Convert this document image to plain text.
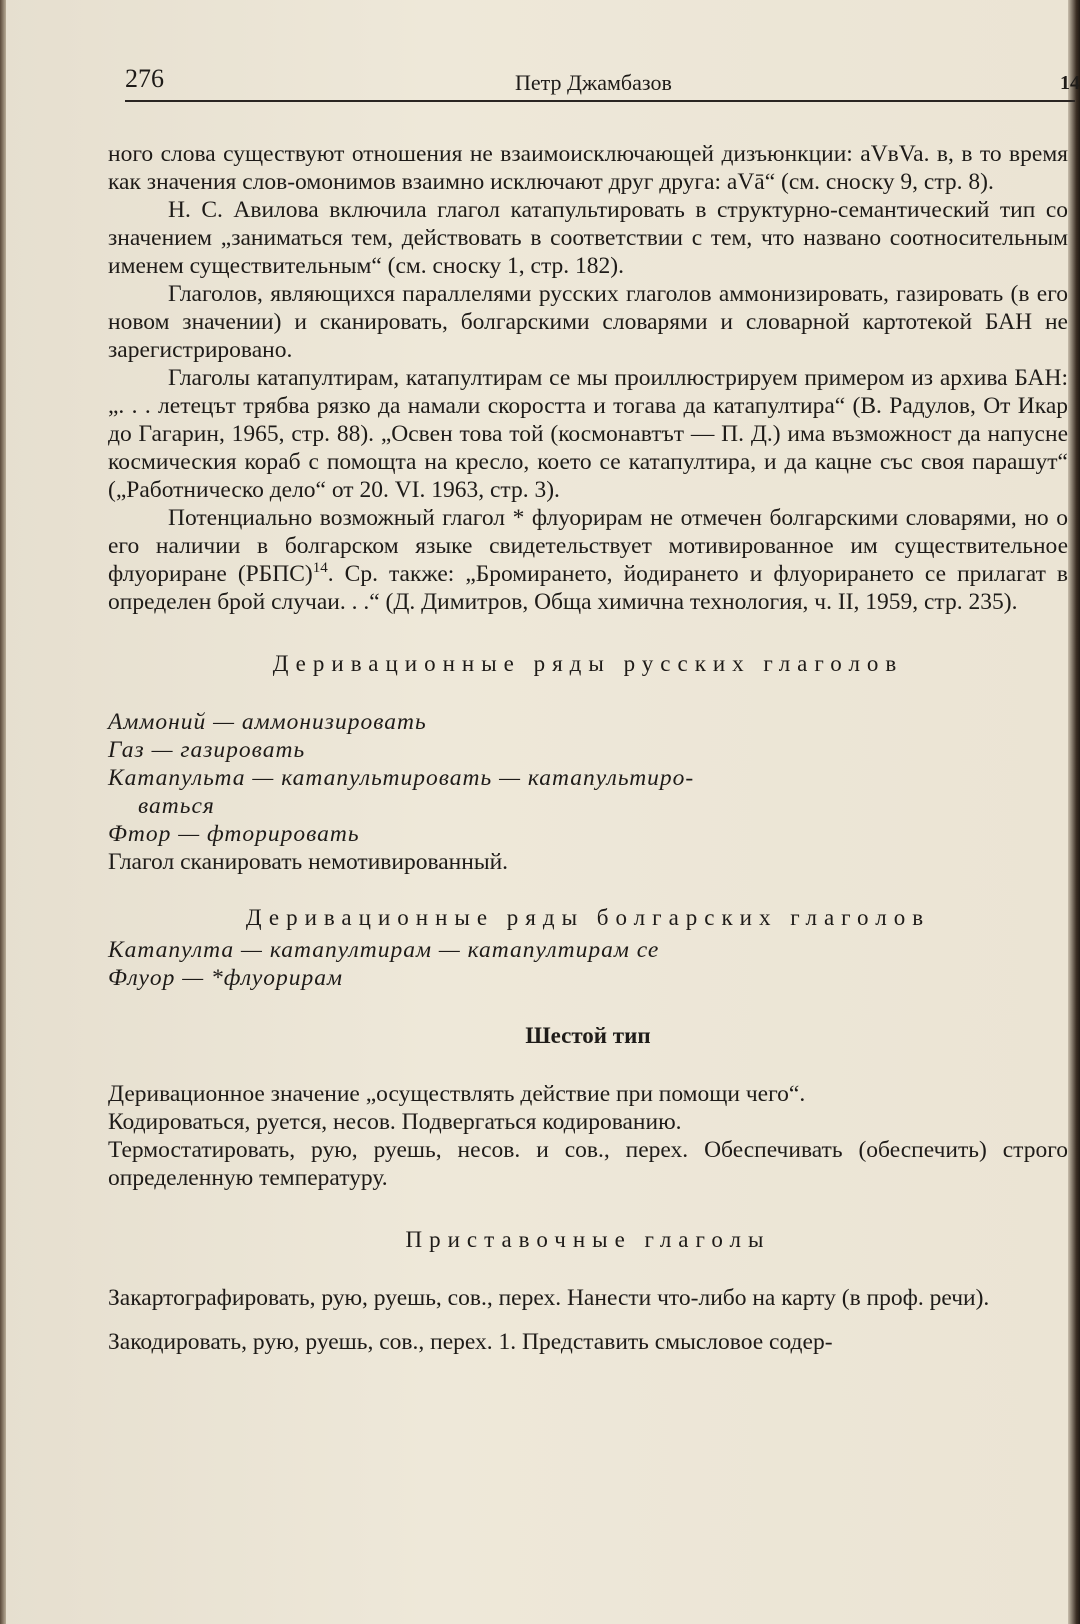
276	Петр Джамбазов	14

ного слова существуют отношения не взаимоисключающей дизъюнкции: aVвVa. в, в то время как значения слов-омонимов взаимно исключают друг друга: aVā“ (см. сноску 9, стр. 8).

Н. С. Авилова включила глагол катапультировать в структурно-семантический тип со значением „заниматься тем, действовать в соответствии с тем, что названо соотносительным именем существительным“ (см. сноску 1, стр. 182).

Глаголов, являющихся параллелями русских глаголов аммонизировать, газировать (в его новом значении) и сканировать, болгарскими словарями и словарной картотекой БАН не зарегистрировано.

Глаголы катапултирам, катапултирам се мы проиллюстрируем примером из архива БАН: „. . . летецът трябва рязко да намали скоростта и тогава да катапултира“ (В. Радулов, От Икар до Гагарин, 1965, стр. 88). „Освен това той (космонавтът — П. Д.) има възможност да напусне космическия кораб с помощта на кресло, което се катапултира, и да кацне със своя парашут“ („Работническо дело“ от 20. VI. 1963, стр. 3).

Потенциально возможный глагол * флуорирам не отмечен болгарскими словарями, но о его наличии в болгарском языке свидетельствует мотивированное им существительное флуориране (РБПС)$^{14}$. Ср. также: „Бромирането, йодирането и флуорирането се прилагат в определен брой случаи. . .“ (Д. Димитров, Обща химична технология, ч. II, 1959, стр. 235).

Деривационные ряды русских глаголов

Аммоний — аммонизировать

Газ — газировать

Катапульта — катапультировать — катапультиро-

ваться

Фтор — фторировать

Глагол сканировать немотивированный.

Деривационные ряды болгарских глаголов

Катапулта — катапултирам — катапултирам се

Флуор — *флуорирам

Шестой тип

Деривационное значение „осуществлять действие при помощи чего“.

Кодироваться, руется, несов. Подвергаться кодированию.

Термостатировать, рую, руешь, несов. и сов., перех. Обеспечивать (обеспечить) строго определенную температуру.

Приставочные глаголы

Закартографировать, рую, руешь, сов., перех. Нанести что-либо на карту (в проф. речи).

Закодировать, рую, руешь, сов., перех. 1. Представить смысловое содер-
